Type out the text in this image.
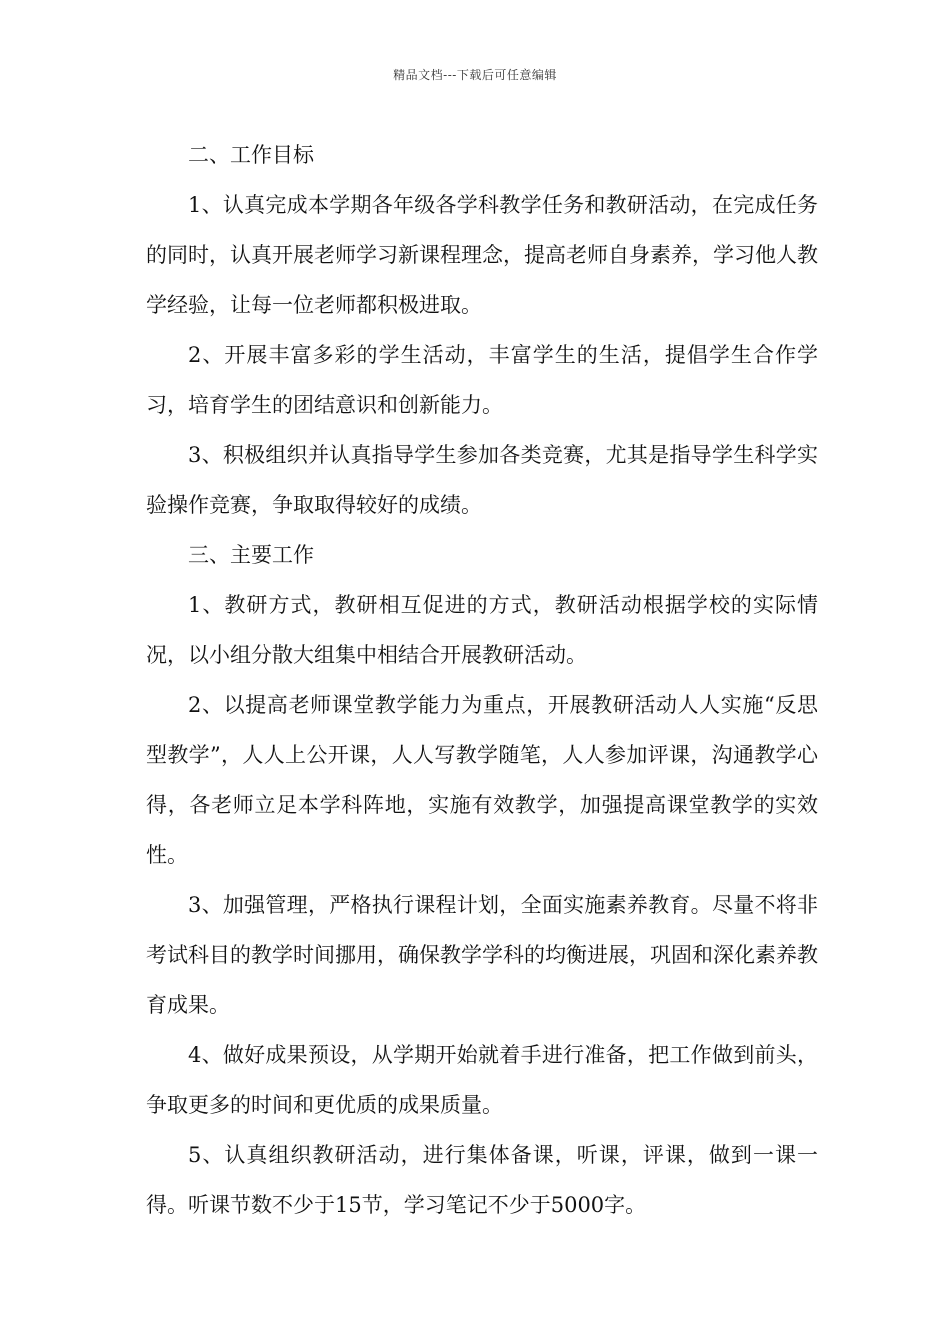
精品文档---下载后可任意编辑

二、工作目标

1、认真完成本学期各年级各学科教学任务和教研活动，在完成任务的同时，认真开展老师学习新课程理念，提高老师自身素养，学习他人教学经验，让每一位老师都积极进取。

2、开展丰富多彩的学生活动，丰富学生的生活，提倡学生合作学习，培育学生的团结意识和创新能力。

3、积极组织并认真指导学生参加各类竞赛，尤其是指导学生科学实验操作竞赛，争取取得较好的成绩。

三、主要工作

1、教研方式，教研相互促进的方式，教研活动根据学校的实际情况，以小组分散大组集中相结合开展教研活动。

2、以提高老师课堂教学能力为重点，开展教研活动人人实施“反思型教学”，人人上公开课，人人写教学随笔，人人参加评课，沟通教学心得，各老师立足本学科阵地，实施有效教学，加强提高课堂教学的实效性。

3、加强管理，严格执行课程计划，全面实施素养教育。尽量不将非考试科目的教学时间挪用，确保教学学科的均衡进展，巩固和深化素养教育成果。

4、做好成果预设，从学期开始就着手进行准备，把工作做到前头，争取更多的时间和更优质的成果质量。

5、认真组织教研活动，进行集体备课，听课，评课，做到一课一得。听课节数不少于15节，学习笔记不少于5000字。
